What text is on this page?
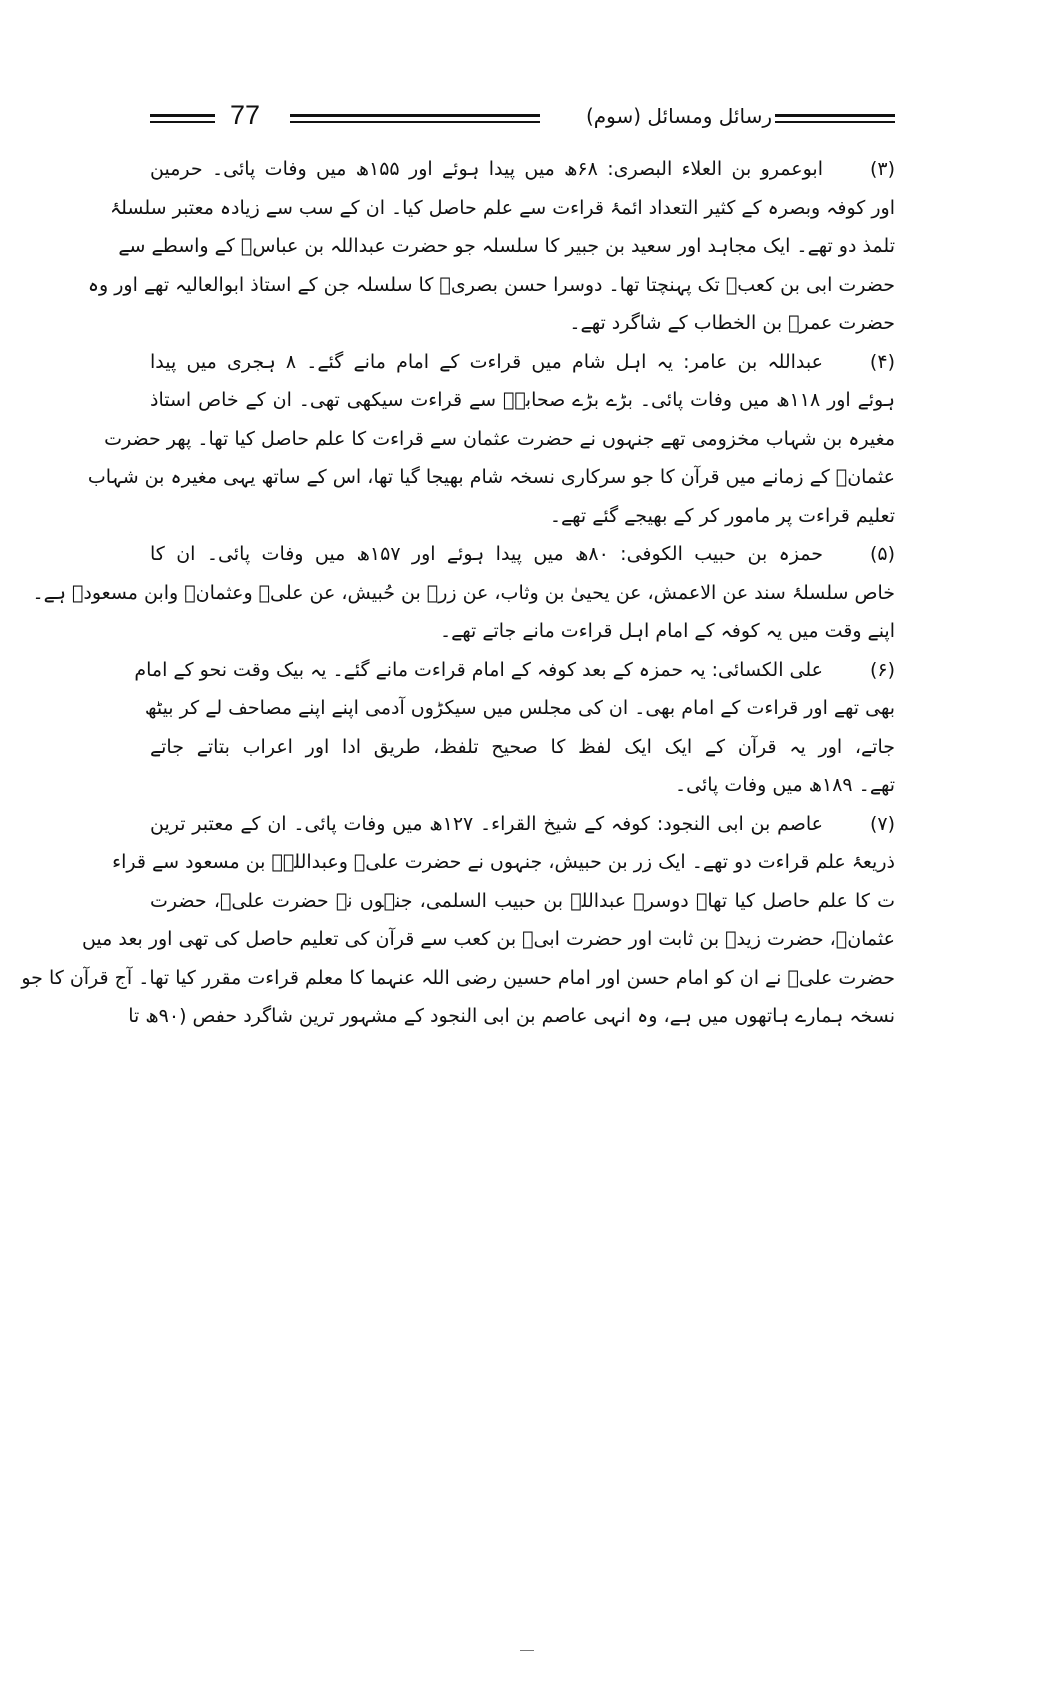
77	رسائل ومسائل (سوم)
(۳)ابوعمرو بن العلاء البصری: ۶۸ھ میں پیدا ہوئے اور ۱۵۵ھ میں وفات پائی۔ حرمین
اور کوفہ وبصرہ کے کثیر التعداد ائمۂ قراءت سے علم حاصل کیا۔ ان کے سب سے زیادہ معتبر سلسلۂ
تلمذ دو تھے۔ ایک مجاہد اور سعید بن جبیر کا سلسلہ جو حضرت عبداللہ بن عباسؓ کے واسطے سے
حضرت ابی بن کعبؓ تک پہنچتا تھا۔ دوسرا حسن بصریؒ کا سلسلہ جن کے استاذ ابوالعالیہ تھے اور وہ
حضرت عمرؓ بن الخطاب کے شاگرد تھے۔
(۴)عبداللہ بن عامر: یہ اہل شام میں قراءت کے امام مانے گئے۔ ۸ ہجری میں پیدا
ہوئے اور ۱۱۸ھ میں وفات پائی۔ بڑے بڑے صحابہؓ سے قراءت سیکھی تھی۔ ان کے خاص استاذ
مغیرہ بن شہاب مخزومی تھے جنہوں نے حضرت عثمان سے قراءت کا علم حاصل کیا تھا۔ پھر حضرت
عثمانؓ کے زمانے میں قرآن کا جو سرکاری نسخہ شام بھیجا گیا تھا، اس کے ساتھ یہی مغیرہ بن شہاب
تعلیم قراءت پر مامور کر کے بھیجے گئے تھے۔
(۵)حمزہ بن حبیب الکوفی: ۸۰ھ میں پیدا ہوئے اور ۱۵۷ھ میں وفات پائی۔ ان کا
خاص سلسلۂ سند عن الاعمش، عن یحییٰ بن وثاب، عن زرؓ بن حُبیش، عن علیؓ وعثمانؓ وابن مسعودؓ ہے۔
اپنے وقت میں یہ کوفہ کے امام اہل قراءت مانے جاتے تھے۔
(۶)علی الکسائی: یہ حمزہ کے بعد کوفہ کے امام قراءت مانے گئے۔ یہ بیک وقت نحو کے امام
بھی تھے اور قراءت کے امام بھی۔ ان کی مجلس میں سیکڑوں آدمی اپنے اپنے مصاحف لے کر بیٹھ
جاتے، اور یہ قرآن کے ایک ایک لفظ کا صحیح تلفظ، طریق ادا اور اعراب بتاتے جاتے
تھے۔ ۱۸۹ھ میں وفات پائی۔
(۷)عاصم بن ابی النجود: کوفہ کے شیخ القراء۔ ۱۲۷ھ میں وفات پائی۔ ان کے معتبر ترین
ذریعۂ علم قراءت دو تھے۔ ایک زر بن حبیش، جنہوں نے حضرت علیؓ وعبداللہؓ بن مسعود سے قراء
ت کا علم حاصل کیا تھا۔ دوسرے عبداللہ بن حبیب السلمی، جنہوں نے حضرت علیؓ، حضرت
عثمانؓ، حضرت زیدؓ بن ثابت اور حضرت ابیؓ بن کعب سے قرآن کی تعلیم حاصل کی تھی اور بعد میں
حضرت علیؓ نے ان کو امام حسن اور امام حسین رضی اللہ عنہما کا معلم قراءت مقرر کیا تھا۔ آج قرآن کا جو
نسخہ ہمارے ہاتھوں میں ہے، وہ انہی عاصم بن ابی النجود کے مشہور ترین شاگرد حفص (۹۰ھ تا
